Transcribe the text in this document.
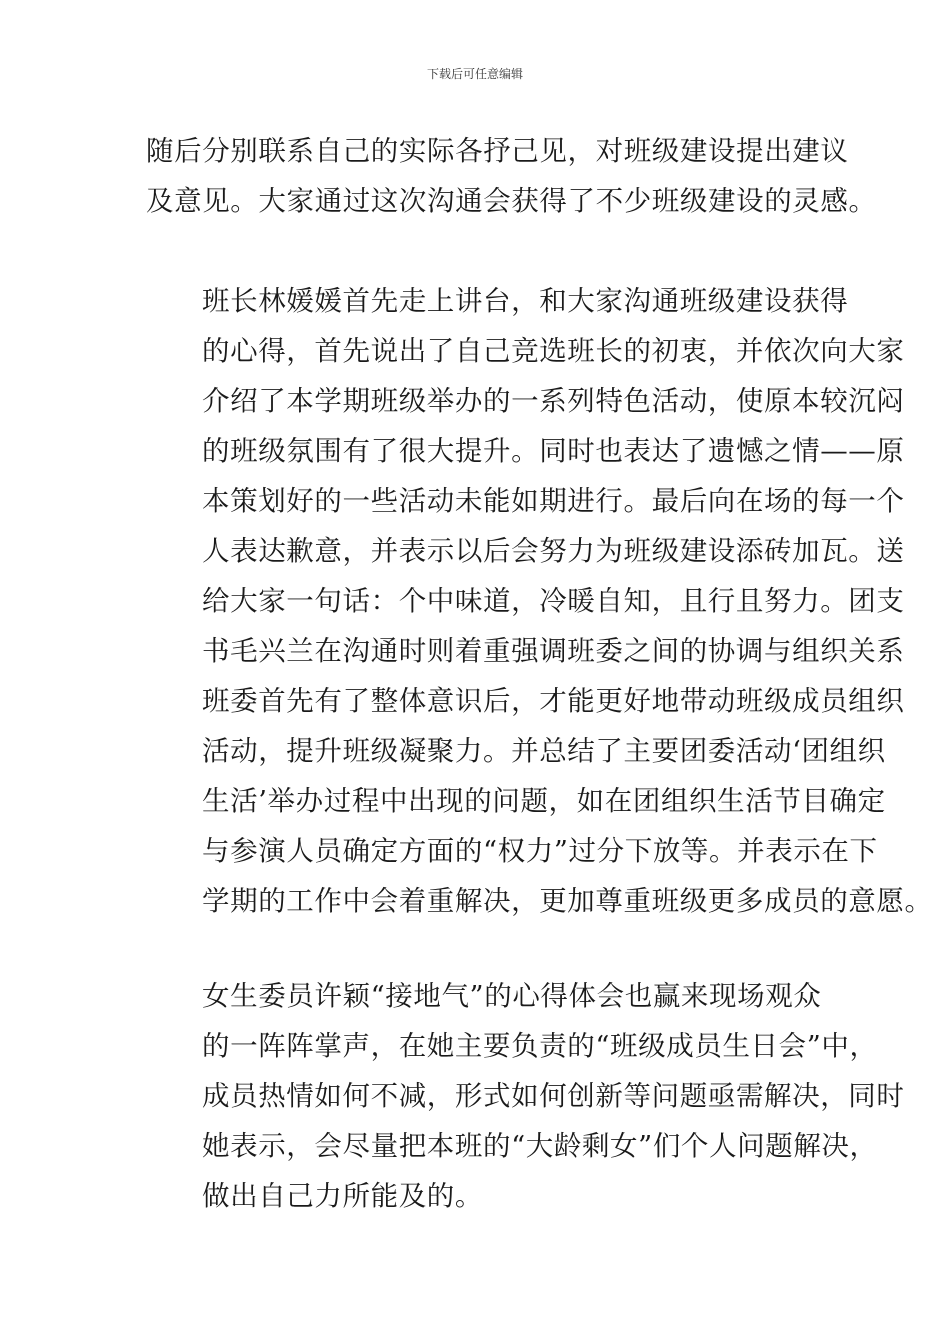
下载后可任意编辑

随后分别联系自己的实际各抒己见，对班级建设提出建议
及意见。大家通过这次沟通会获得了不少班级建设的灵感。

班长林媛媛首先走上讲台，和大家沟通班级建设获得
的心得，首先说出了自己竞选班长的初衷，并依次向大家
介绍了本学期班级举办的一系列特色活动，使原本较沉闷
的班级氛围有了很大提升。同时也表达了遗憾之情——原
本策划好的一些活动未能如期进行。最后向在场的每一个
人表达歉意，并表示以后会努力为班级建设添砖加瓦。送
给大家一句话：个中味道，冷暖自知，且行且努力。团支
书毛兴兰在沟通时则着重强调班委之间的协调与组织关系
班委首先有了整体意识后，才能更好地带动班级成员组织
活动，提升班级凝聚力。并总结了主要团委活动‘团组织
生活’举办过程中出现的问题，如在团组织生活节目确定
与参演人员确定方面的“权力”过分下放等。并表示在下
学期的工作中会着重解决，更加尊重班级更多成员的意愿。

女生委员许颖“接地气”的心得体会也赢来现场观众
的一阵阵掌声，在她主要负责的“班级成员生日会”中，
成员热情如何不减，形式如何创新等问题亟需解决，同时
她表示，会尽量把本班的“大龄剩女”们个人问题解决，
做出自己力所能及的。
